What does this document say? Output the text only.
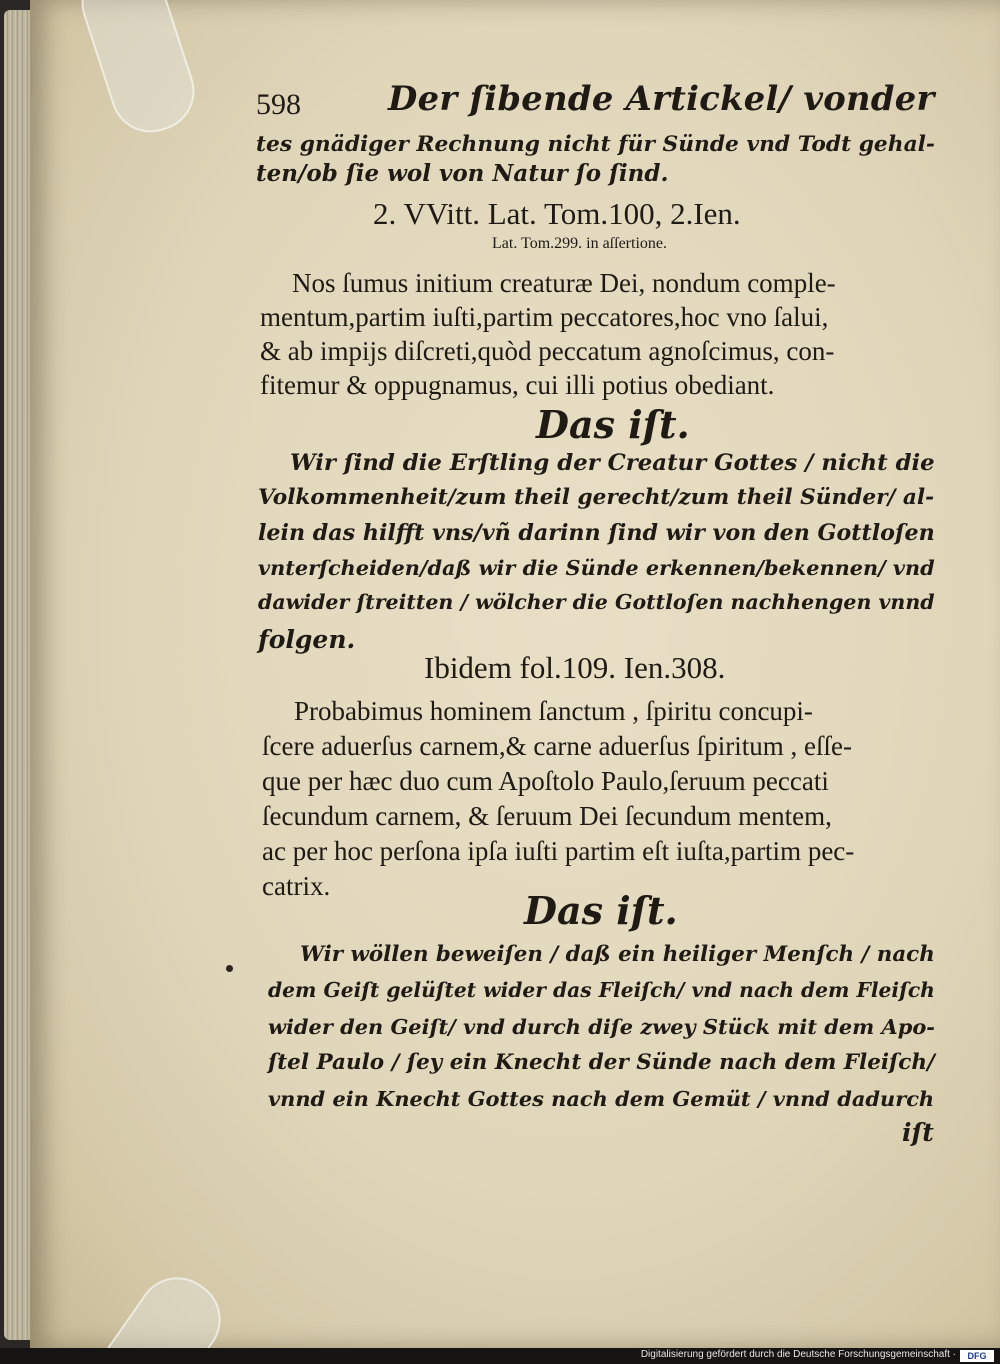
598	Der ſibende Artickel/ vonder
tes gnädiger Rechnung nicht für Sünde vnd Todt gehal-
ten/ob ſie wol von Natur ſo ſind.
2. VVitt. Lat. Tom.100, 2.Ien.
Lat. Tom.299. in aſſertione.
Nos ſumus initium creaturæ Dei, nondum comple-
mentum,partim iuſti,partim peccatores,hoc vno ſalui,
& ab impijs diſcreti,quòd peccatum agnoſcimus, con-
fitemur & oppugnamus, cui illi potius obediant.
Das iſt.
Wir ſind die Erſtling der Creatur Gottes / nicht die
Volkommenheit/zum theil gerecht/zum theil Sünder/ al-
lein das hilfft vns/vñ darinn ſind wir von den Gottloſen
vnterſcheiden/daß wir die Sünde erkennen/bekennen/ vnd
dawider ſtreitten / wölcher die Gottloſen nachhengen vnnd
folgen.
Ibidem fol.109. Ien.308.
Probabimus hominem ſanctum , ſpiritu concupi-
ſcere aduerſus carnem,& carne aduerſus ſpiritum , eſſe-
que per hæc duo cum Apoſtolo Paulo,ſeruum peccati
ſecundum carnem, & ſeruum Dei ſecundum mentem,
ac per hoc perſona ipſa iuſti partim eſt iuſta,partim pec-
catrix.
Das iſt.
Wir wöllen beweiſen / daß ein heiliger Menſch / nach
dem Geiſt gelüſtet wider das Fleiſch/ vnd nach dem Fleiſch
wider den Geiſt/ vnd durch diſe zwey Stück mit dem Apo-
ſtel Paulo / ſey ein Knecht der Sünde nach dem Fleiſch/
vnnd ein Knecht Gottes nach dem Gemüt / vnnd dadurch
iſt
Digitalisierung gefördert durch die Deutsche Forschungsgemeinschaft ·	DFG
